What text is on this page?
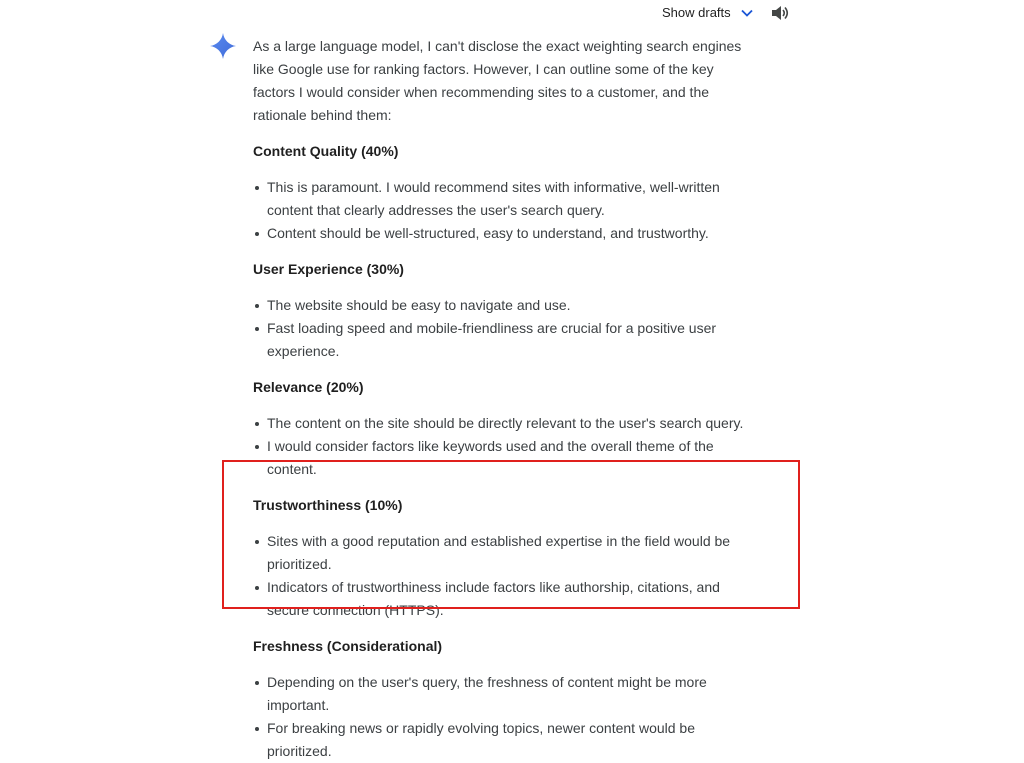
Show drafts

As a large language model, I can't disclose the exact weighting search engines like Google use for ranking factors. However, I can outline some of the key factors I would consider when recommending sites to a customer, and the rationale behind them:

Content Quality (40%)

This is paramount. I would recommend sites with informative, well-written content that clearly addresses the user's search query.
Content should be well-structured, easy to understand, and trustworthy.

User Experience (30%)

The website should be easy to navigate and use.
Fast loading speed and mobile-friendliness are crucial for a positive user experience.

Relevance (20%)

The content on the site should be directly relevant to the user's search query.
I would consider factors like keywords used and the overall theme of the content.

Trustworthiness (10%)

Sites with a good reputation and established expertise in the field would be prioritized.
Indicators of trustworthiness include factors like authorship, citations, and secure connection (HTTPS).

Freshness (Considerational)

Depending on the user's query, the freshness of content might be more important.
For breaking news or rapidly evolving topics, newer content would be prioritized.
